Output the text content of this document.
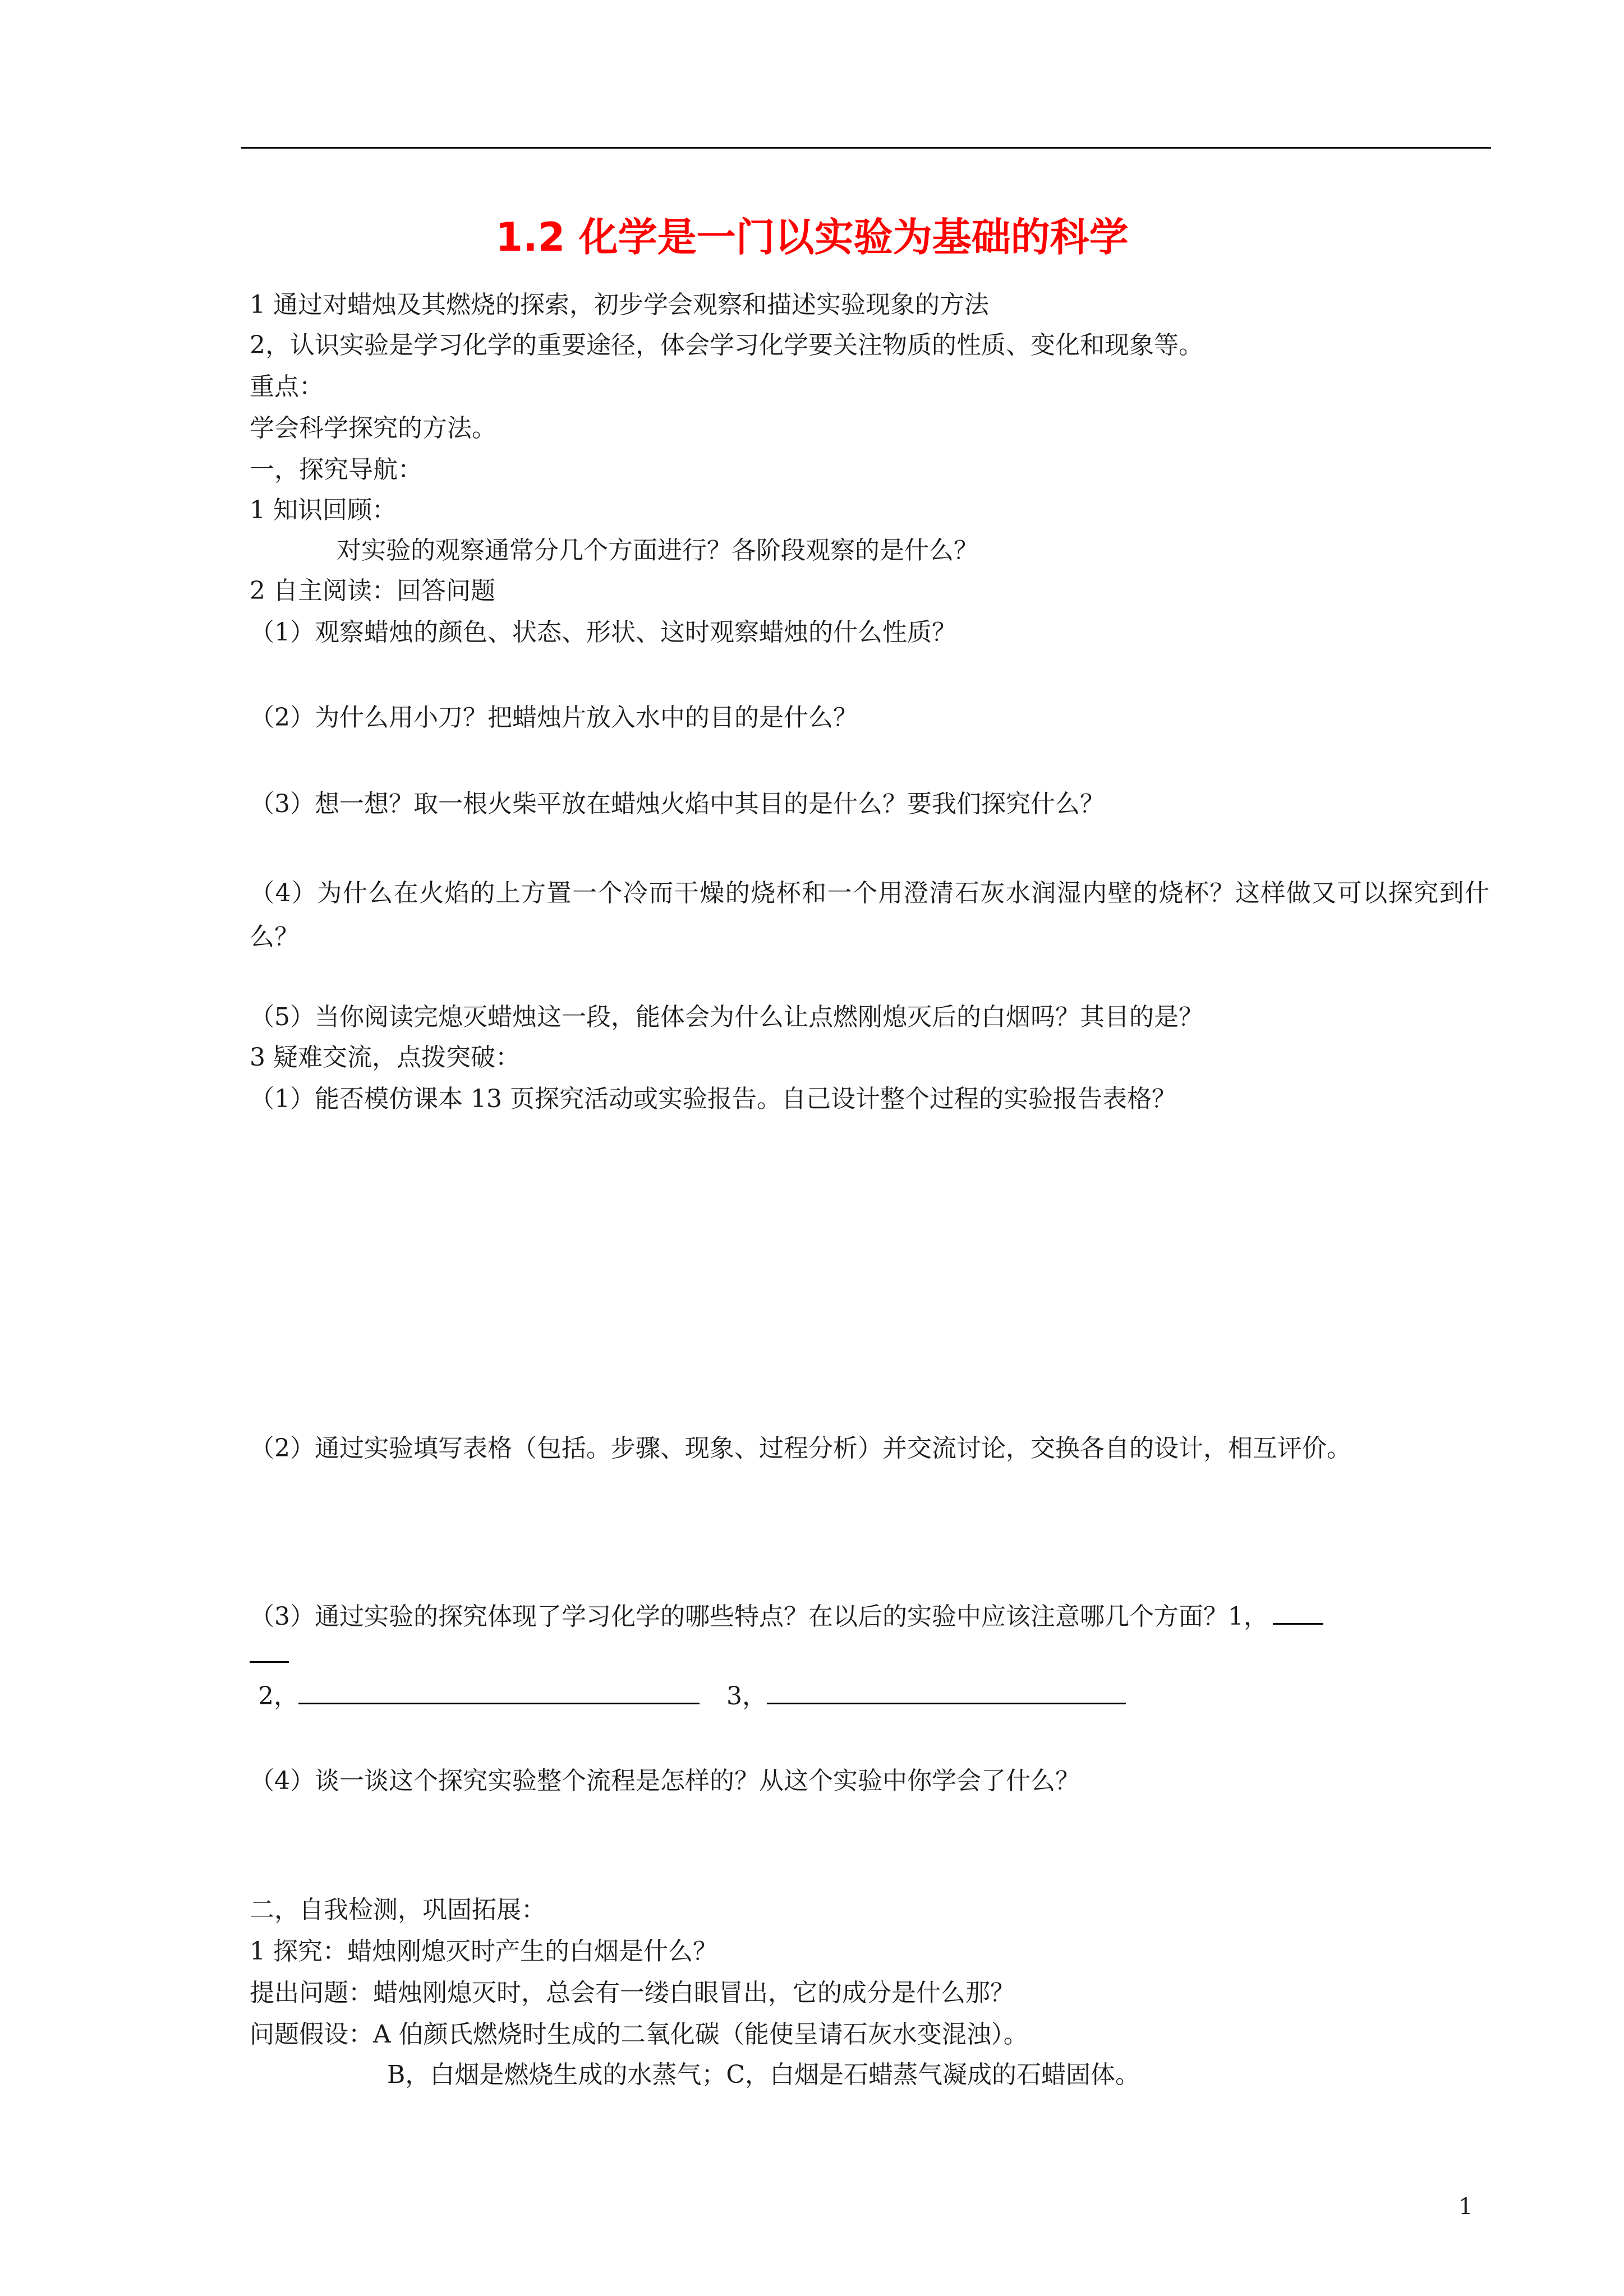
1.2 化学是一门以实验为基础的科学
1 通过对蜡烛及其燃烧的探索，初步学会观察和描述实验现象的方法
2，认识实验是学习化学的重要途径，体会学习化学要关注物质的性质、变化和现象等。
重点：
学会科学探究的方法。
一，探究导航：
1 知识回顾：
对实验的观察通常分几个方面进行？各阶段观察的是什么？
2 自主阅读：回答问题
（1）观察蜡烛的颜色、状态、形状、这时观察蜡烛的什么性质？
（2）为什么用小刀？把蜡烛片放入水中的目的是什么？
（3）想一想？取一根火柴平放在蜡烛火焰中其目的是什么？要我们探究什么？
（4）为什么在火焰的上方置一个冷而干燥的烧杯和一个用澄清石灰水润湿内壁的烧杯？这样做又可以探究到什么？
（5）当你阅读完熄灭蜡烛这一段，能体会为什么让点燃刚熄灭后的白烟吗？其目的是？
3 疑难交流，点拨突破：
（1）能否模仿课本 13 页探究活动或实验报告。自己设计整个过程的实验报告表格？
（2）通过实验填写表格（包括。步骤、现象、过程分析）并交流讨论，交换各自的设计，相互评价。
（3）通过实验的探究体现了学习化学的哪些特点？在以后的实验中应该注意哪几个方面？1，
2，	3，
（4）谈一谈这个探究实验整个流程是怎样的？从这个实验中你学会了什么？
二，自我检测，巩固拓展：
1 探究：蜡烛刚熄灭时产生的白烟是什么？
提出问题：蜡烛刚熄灭时，总会有一缕白眼冒出，它的成分是什么那？
问题假设：A 伯颜氏燃烧时生成的二氧化碳（能使呈请石灰水变混浊）。
B，白烟是燃烧生成的水蒸气；C，白烟是石蜡蒸气凝成的石蜡固体。
1
